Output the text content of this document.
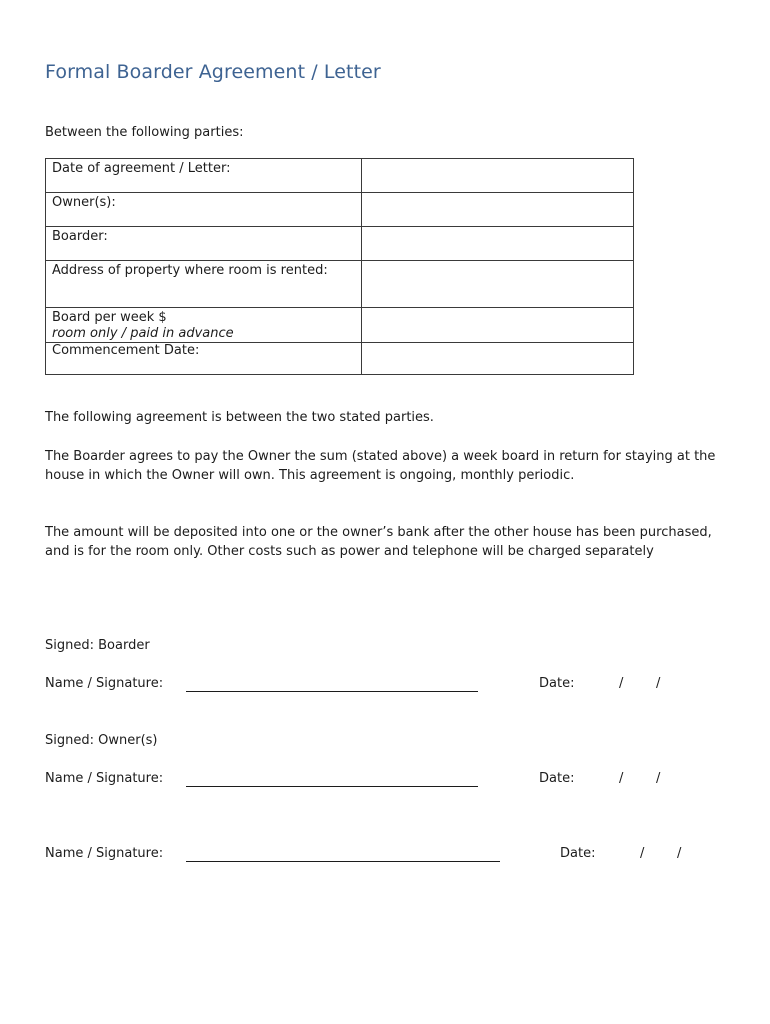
Formal Boarder Agreement / Letter
Between the following parties:
Date of agreement / Letter:	
Owner(s):	
Boarder:	
Address of property where room is rented:	

Board per week $
room only / paid in advance	

Commencement Date:	
The following agreement is between the two stated parties.
The Boarder agrees to pay the Owner the sum (stated above) a week board in return for staying at the house in which the Owner will own. This agreement is ongoing, monthly periodic.
The amount will be deposited into one or the owner’s bank after the other house has been purchased, and is for the room only. Other costs such as power and telephone will be charged separately
Signed: Boarder
Name / Signature:	Date:	/	/
Signed: Owner(s)
Name / Signature:	Date:	/	/
Name / Signature:	Date:	/	/
